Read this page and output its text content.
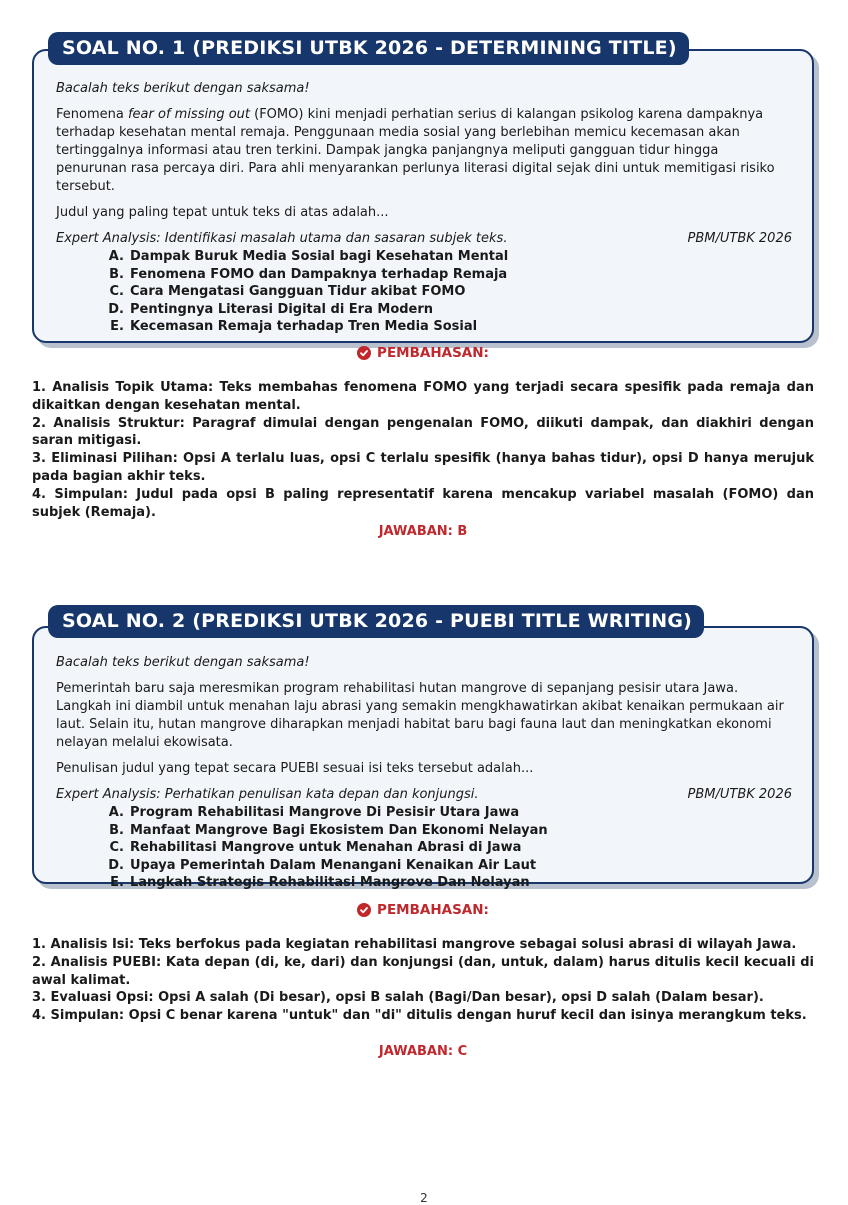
SOAL NO. 1 (PREDIKSI UTBK 2026 - DETERMINING TITLE)

Bacalah teks berikut dengan saksama!

Fenomena fear of missing out (FOMO) kini menjadi perhatian serius di kalangan psikolog karena dampaknya terhadap kesehatan mental remaja. Penggunaan media sosial yang berlebihan memicu kecemasan akan tertinggalnya informasi atau tren terkini. Dampak jangka panjangnya meliputi gangguan tidur hingga penurunan rasa percaya diri. Para ahli menyarankan perlunya literasi digital sejak dini untuk memitigasi risiko tersebut.

Judul yang paling tepat untuk teks di atas adalah...

Expert Analysis: Identifikasi masalah utama dan sasaran subjek teks.	PBM/UTBK 2026
A. Dampak Buruk Media Sosial bagi Kesehatan Mental
B. Fenomena FOMO dan Dampaknya terhadap Remaja
C. Cara Mengatasi Gangguan Tidur akibat FOMO
D. Pentingnya Literasi Digital di Era Modern
E. Kecemasan Remaja terhadap Tren Media Sosial
PEMBAHASAN:

1. Analisis Topik Utama: Teks membahas fenomena FOMO yang terjadi secara spesifik pada remaja dan dikaitkan dengan kesehatan mental.

2. Analisis Struktur: Paragraf dimulai dengan pengenalan FOMO, diikuti dampak, dan diakhiri dengan saran mitigasi.

3. Eliminasi Pilihan: Opsi A terlalu luas, opsi C terlalu spesifik (hanya bahas tidur), opsi D hanya merujuk pada bagian akhir teks.

4. Simpulan: Judul pada opsi B paling representatif karena mencakup variabel masalah (FOMO) dan subjek (Remaja).

JAWABAN: B
SOAL NO. 2 (PREDIKSI UTBK 2026 - PUEBI TITLE WRITING)

Bacalah teks berikut dengan saksama!

Pemerintah baru saja meresmikan program rehabilitasi hutan mangrove di sepanjang pesisir utara Jawa. Langkah ini diambil untuk menahan laju abrasi yang semakin mengkhawatirkan akibat kenaikan permukaan air laut. Selain itu, hutan mangrove diharapkan menjadi habitat baru bagi fauna laut dan meningkatkan ekonomi nelayan melalui ekowisata.

Penulisan judul yang tepat secara PUEBI sesuai isi teks tersebut adalah...

Expert Analysis: Perhatikan penulisan kata depan dan konjungsi.	PBM/UTBK 2026
A. Program Rehabilitasi Mangrove Di Pesisir Utara Jawa
B. Manfaat Mangrove Bagi Ekosistem Dan Ekonomi Nelayan
C. Rehabilitasi Mangrove untuk Menahan Abrasi di Jawa
D. Upaya Pemerintah Dalam Menangani Kenaikan Air Laut
E. Langkah Strategis Rehabilitasi Mangrove Dan Nelayan
PEMBAHASAN:

1. Analisis Isi: Teks berfokus pada kegiatan rehabilitasi mangrove sebagai solusi abrasi di wilayah Jawa.

2. Analisis PUEBI: Kata depan (di, ke, dari) dan konjungsi (dan, untuk, dalam) harus ditulis kecil kecuali di awal kalimat.

3. Evaluasi Opsi: Opsi A salah (Di besar), opsi B salah (Bagi/Dan besar), opsi D salah (Dalam besar).

4. Simpulan: Opsi C benar karena "untuk" dan "di" ditulis dengan huruf kecil dan isinya merangkum teks.

JAWABAN: C
2
